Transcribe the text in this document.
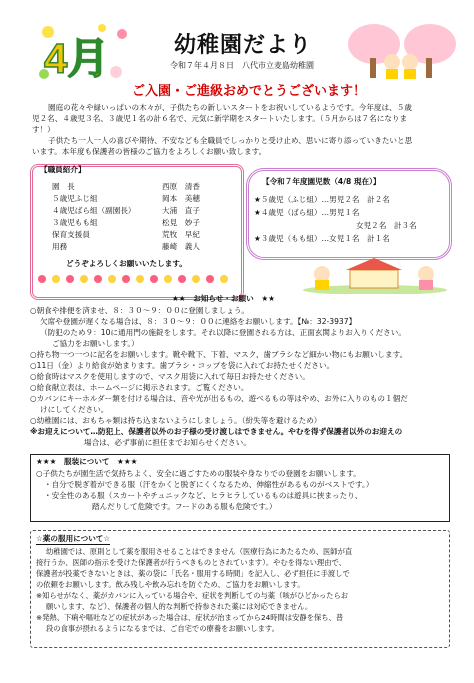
4月	幼稚園だより
令和７年４月８日　八代市立麦島幼稚園
ご入園・ご進級おめでとうございます！
園庭の花々や緑いっぱいの木々が、子供たちの新しいスタートをお祝いしているようです。今年度は、５歳
児２名、４歳児３名、３歳児１名の計６名で、元気に新学期をスタートいたします。（５月からは７名になりま
す！）
子供たち一人一人の喜びや期待、不安なども全職員でしっかりと受け止め、思いに寄り添っていきたいと思
います。本年度も保護者の皆様のご協力をよろしくお願い致します。
【職員紹介】
園　長	西原　清香
５歳児ふじ組	岡本　美穂
４歳児ばら組（副園長）	大浦　直子
３歳児もも組	松見　妙子
保育支援員	荒牧　早紀
用務	藤崎　義人
どうぞよろしくお願いいたします。
【令和７年度園児数（4/8 現在）】
★５歳児（ふじ組）…男児２名　計２名
★４歳児（ばら組）…男児１名
女児２名　計３名
★３歳児（もも組）…女児１名　計１名
★★　お知らせ・お願い　★★
○朝食や排便を済ませ、８：３０～９：００に登園しましょう。
欠席や登園が遅くなる場合は、８：３０～９：００に連絡をお願いします。【№：32-3937】
（防犯のため９：10に通用門の施錠をします。それ以降に登園される方は、正面玄関よりお入りください。
ご協力をお願いします。）
○持ち物一つ一つに記名をお願いします。靴や靴下、下着、マスク、歯ブラシなど細かい物にもお願いします。
○11日（金）より給食が始まります。歯ブラシ・コップを袋に入れてお持たせください。
○給食時はマスクを使用しますので、マスク用袋に入れて毎日お持たせください。
○給食献立表は、ホームページに掲示されます。ご覧ください。
○カバンにキーホルダー類を付ける場合は、音や光が出るもの、遊べるもの等はやめ、お外に入りのもの１個だ
けにしてください。
○幼稚園には、おもちゃ類は持ち込まないようにしましょう。（紛失等を避けるため）
※お迎えについて…防犯上、保護者以外のお子様の受け渡しはできません。やむを得ず保護者以外のお迎えの
場合は、必ず事前に担任までお知らせください。
★★★　服装について　★★★
○子供たちが園生活で気持ちよく、安全に過ごすための服装や身なりでの登園をお願いします。
・自分で脱ぎ着ができる服（汗をかくと脱ぎにくくなるため、伸縮性があるものがベストです。）
・安全性のある服（スカートやチュニックなど、ヒラヒラしているものは遊具に挟まったり、
踏んだりして危険です。フードのある服も危険です。）
☆薬の服用について☆
幼稚園では、原則として薬を服用させることはできません（医療行為にあたるため、医師が直
接行うか、医師の指示を受けた保護者が行うべきものとされています）。やむを得ない理由で、
保護者が投薬できないときは、薬の袋に「氏名・服用する時間」を記入し、必ず担任に手渡しで
の依頼をお願いします。飲み残しや飲み忘れを防ぐため、ご協力をお願いします。
※知らせがなく、薬がカバンに入っている場合や、症状を判断しての与薬（咳がひどかったらお
願いします、など）、保護者の個人的な判断で持参された薬には対応できません。
※発熱、下痢や嘔吐などの症状があった場合は、症状が治まってから24時間は安静を保ち、普
段の食事が摂れるようになるまでは、ご自宅での療養をお願いします。
